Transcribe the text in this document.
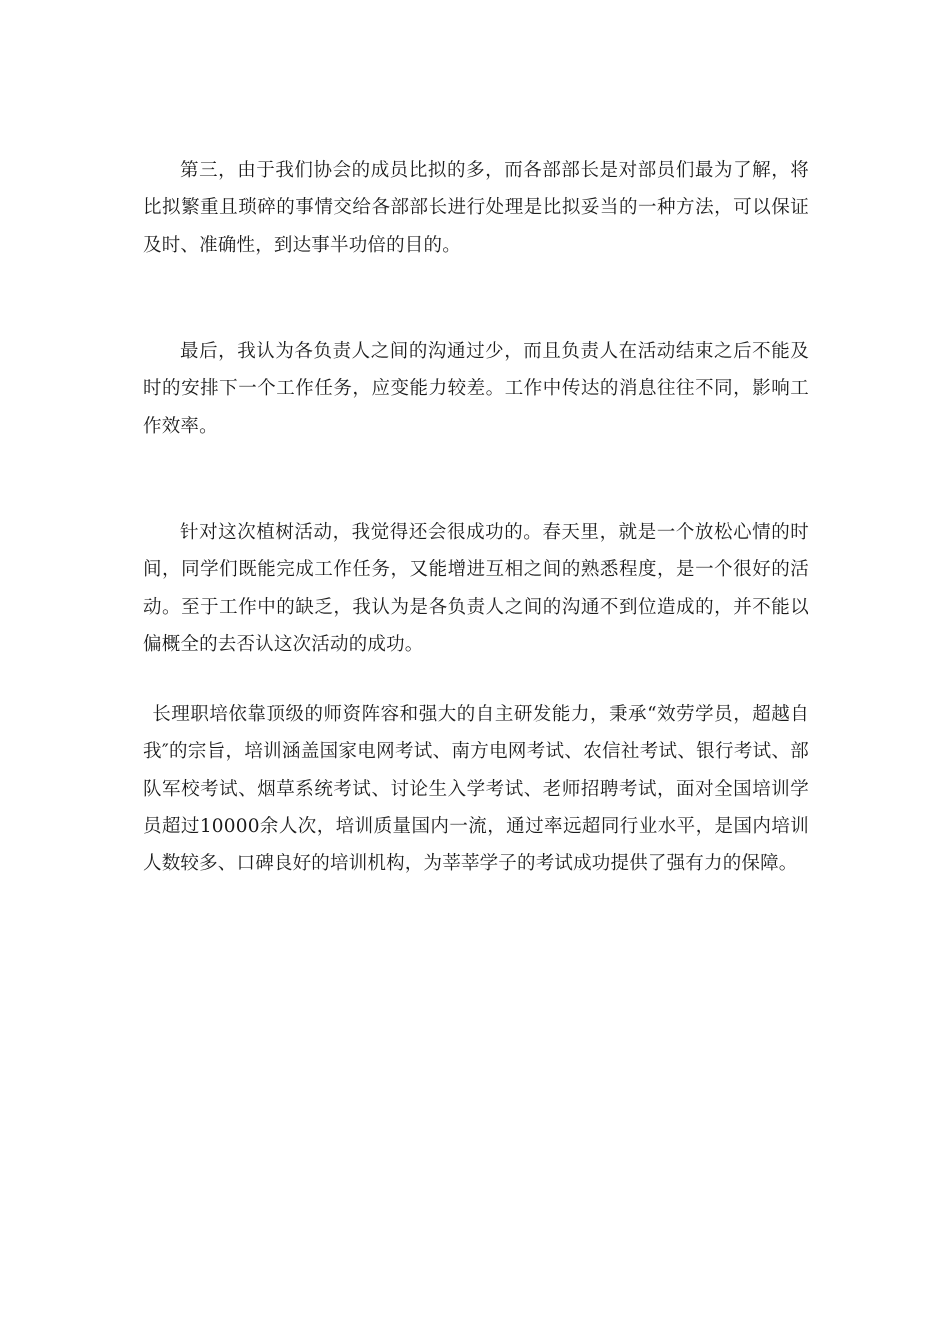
第三，由于我们协会的成员比拟的多，而各部部长是对部员们最为了解，将比拟繁重且琐碎的事情交给各部部长进行处理是比拟妥当的一种方法，可以保证及时、准确性，到达事半功倍的目的。

最后，我认为各负责人之间的沟通过少，而且负责人在活动结束之后不能及时的安排下一个工作任务，应变能力较差。工作中传达的消息往往不同，影响工作效率。

针对这次植树活动，我觉得还会很成功的。春天里，就是一个放松心情的时间，同学们既能完成工作任务，又能增进互相之间的熟悉程度，是一个很好的活动。至于工作中的缺乏，我认为是各负责人之间的沟通不到位造成的，并不能以偏概全的去否认这次活动的成功。

长理职培依靠顶级的师资阵容和强大的自主研发能力，秉承“效劳学员，超越自我″的宗旨，培训涵盖国家电网考试、南方电网考试、农信社考试、银行考试、部队军校考试、烟草系统考试、讨论生入学考试、老师招聘考试，面对全国培训学员超过10000余人次，培训质量国内一流，通过率远超同行业水平，是国内培训人数较多、口碑良好的培训机构，为莘莘学子的考试成功提供了强有力的保障。
